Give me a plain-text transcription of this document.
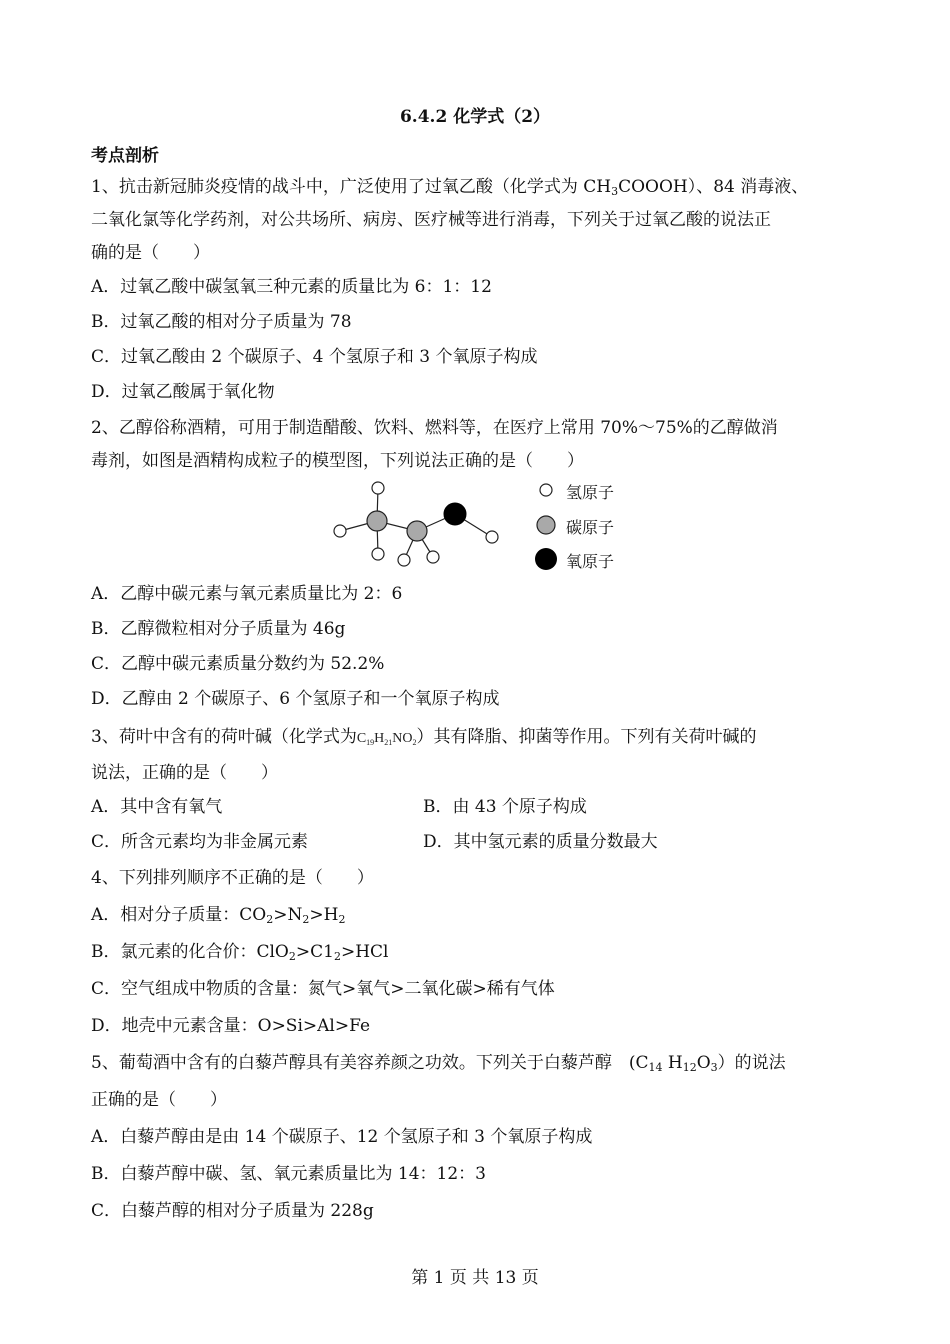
6.4.2 化学式（2）
考点剖析
1、抗击新冠肺炎疫情的战斗中，广泛使用了过氧乙酸（化学式为 $CH_3COOOH$）、84 消毒液、
二氧化氯等化学药剂，对公共场所、病房、医疗械等进行消毒，下列关于过氧乙酸的说法正
确的是（　　）
A．过氧乙酸中碳氢氧三种元素的质量比为 6：1：12
B．过氧乙酸的相对分子质量为 78
C．过氧乙酸由 2 个碳原子、4 个氢原子和 3 个氧原子构成
D．过氧乙酸属于氧化物
2、乙醇俗称酒精，可用于制造醋酸、饮料、燃料等，在医疗上常用 70%～75%的乙醇做消
毒剂，如图是酒精构成粒子的模型图，下列说法正确的是（　　）
氢原子
碳原子
氧原子
A．乙醇中碳元素与氧元素质量比为 2：6
B．乙醇微粒相对分子质量为 46g
C．乙醇中碳元素质量分数约为 52.2%
D．乙醇由 2 个碳原子、6 个氢原子和一个氧原子构成
3、荷叶中含有的荷叶碱（化学式为$C_{19}H_{21}NO_2$）其有降脂、抑菌等作用。下列有关荷叶碱的
说法，正确的是（　　）
A．其中含有氧气	B．由 43 个原子构成
C．所含元素均为非金属元素	D．其中氢元素的质量分数最大
4、下列排列顺序不正确的是（　　）
A．相对分子质量：$CO_2>N_2>H_2$
B．氯元素的化合价：$ClO_2>C1_2>HCl$
C．空气组成中物质的含量：氮气>氧气>二氧化碳>稀有气体
D．地壳中元素含量：O>Si>Al>Fe
5、葡萄酒中含有的白藜芦醇具有美容养颜之功效。下列关于白藜芦醇　($C_{14}$ $H_{12}O_3$）的说法
正确的是（　　）
A．白藜芦醇由是由 14 个碳原子、12 个氢原子和 3 个氧原子构成
B．白藜芦醇中碳、氢、氧元素质量比为 14：12：3
C．白藜芦醇的相对分子质量为 228g
第 1 页 共 13 页
